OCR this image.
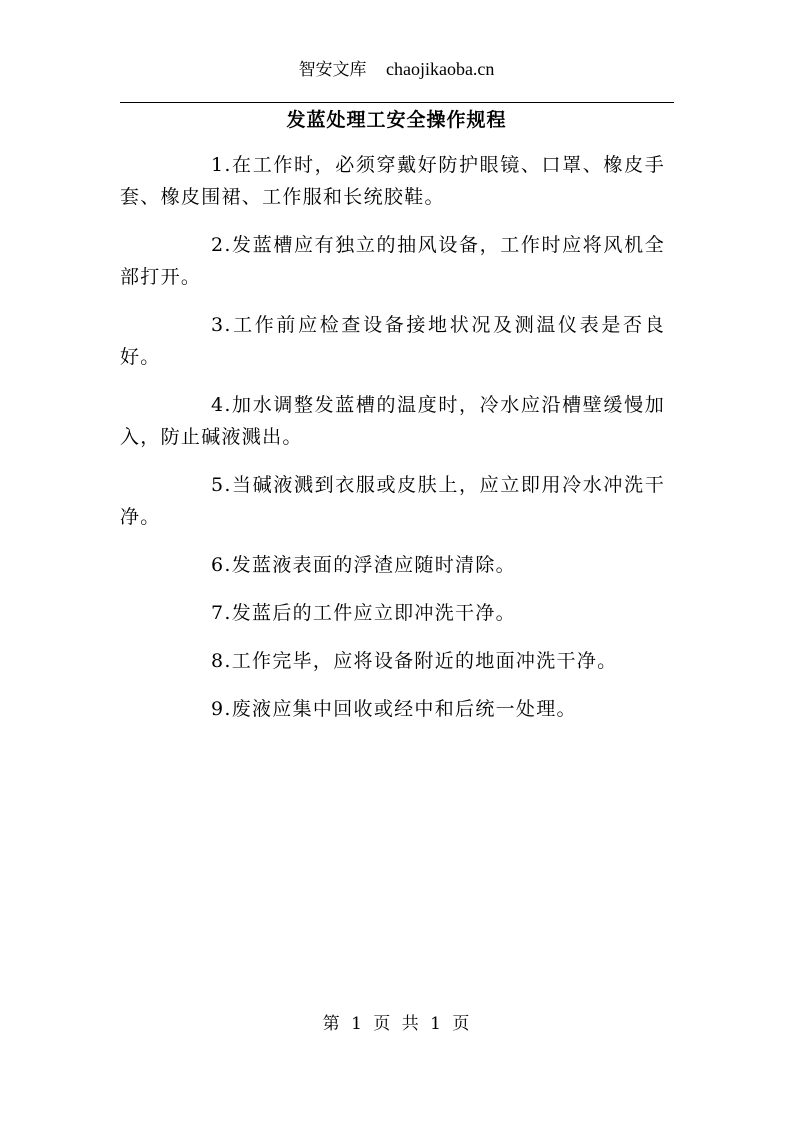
智安文库 chaojikaoba.cn
发蓝处理工安全操作规程

1.在工作时，必须穿戴好防护眼镜、口罩、橡皮手套、橡皮围裙、工作服和长统胶鞋。

2.发蓝槽应有独立的抽风设备，工作时应将风机全部打开。

3.工作前应检查设备接地状况及测温仪表是否良好。

4.加水调整发蓝槽的温度时，冷水应沿槽壁缓慢加入，防止碱液溅出。

5.当碱液溅到衣服或皮肤上，应立即用冷水冲洗干净。

6.发蓝液表面的浮渣应随时清除。

7.发蓝后的工件应立即冲洗干净。

8.工作完毕，应将设备附近的地面冲洗干净。

9.废液应集中回收或经中和后统一处理。

第 1 页 共 1 页
